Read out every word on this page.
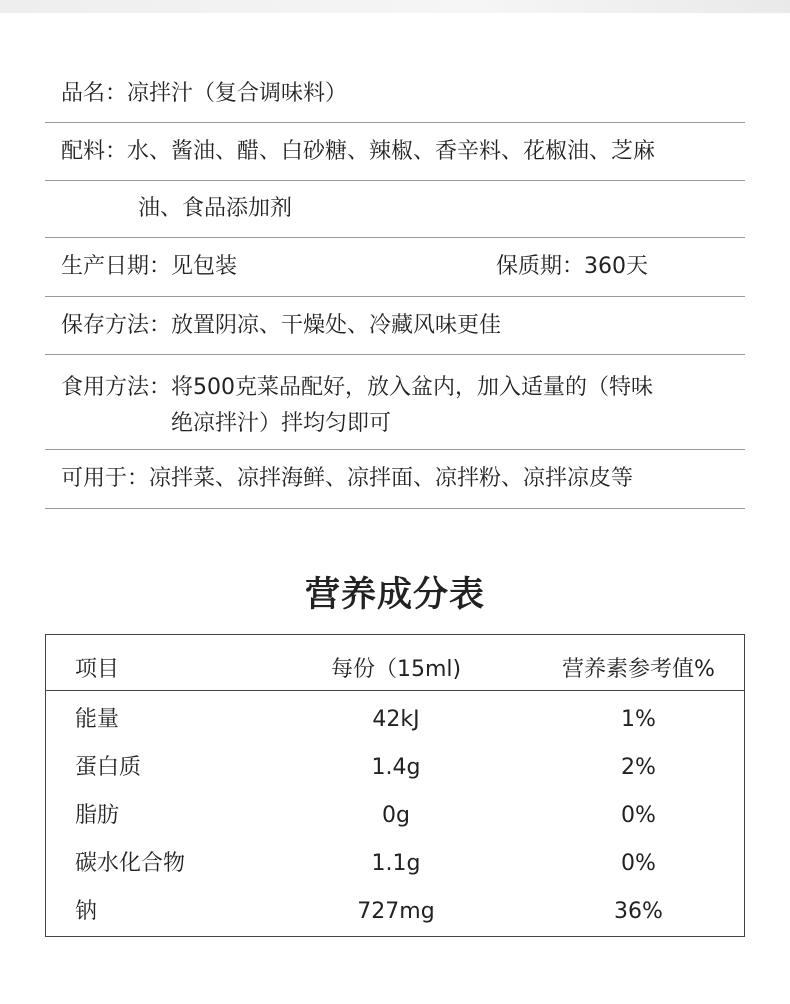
品名： 凉拌汁（复合调味料）
配料： 水、酱油、醋、白砂糖、辣椒、香辛料、花椒油、芝麻
油、食品添加剂
生产日期： 见包装	保质期：360天
保存方法： 放置阴凉、干燥处、冷藏风味更佳
食用方法： 将500克菜品配好，放入盆内，加入适量的（特味
绝凉拌汁）拌均匀即可
可用于： 凉拌菜、凉拌海鲜、凉拌面、凉拌粉、凉拌凉皮等
营养成分表
项目	每份（15ml)	营养素参考值%
能量	42kJ	1%
蛋白质	1.4g	2%
脂肪	0g	0%
碳水化合物	1.1g	0%
钠	727mg	36%
